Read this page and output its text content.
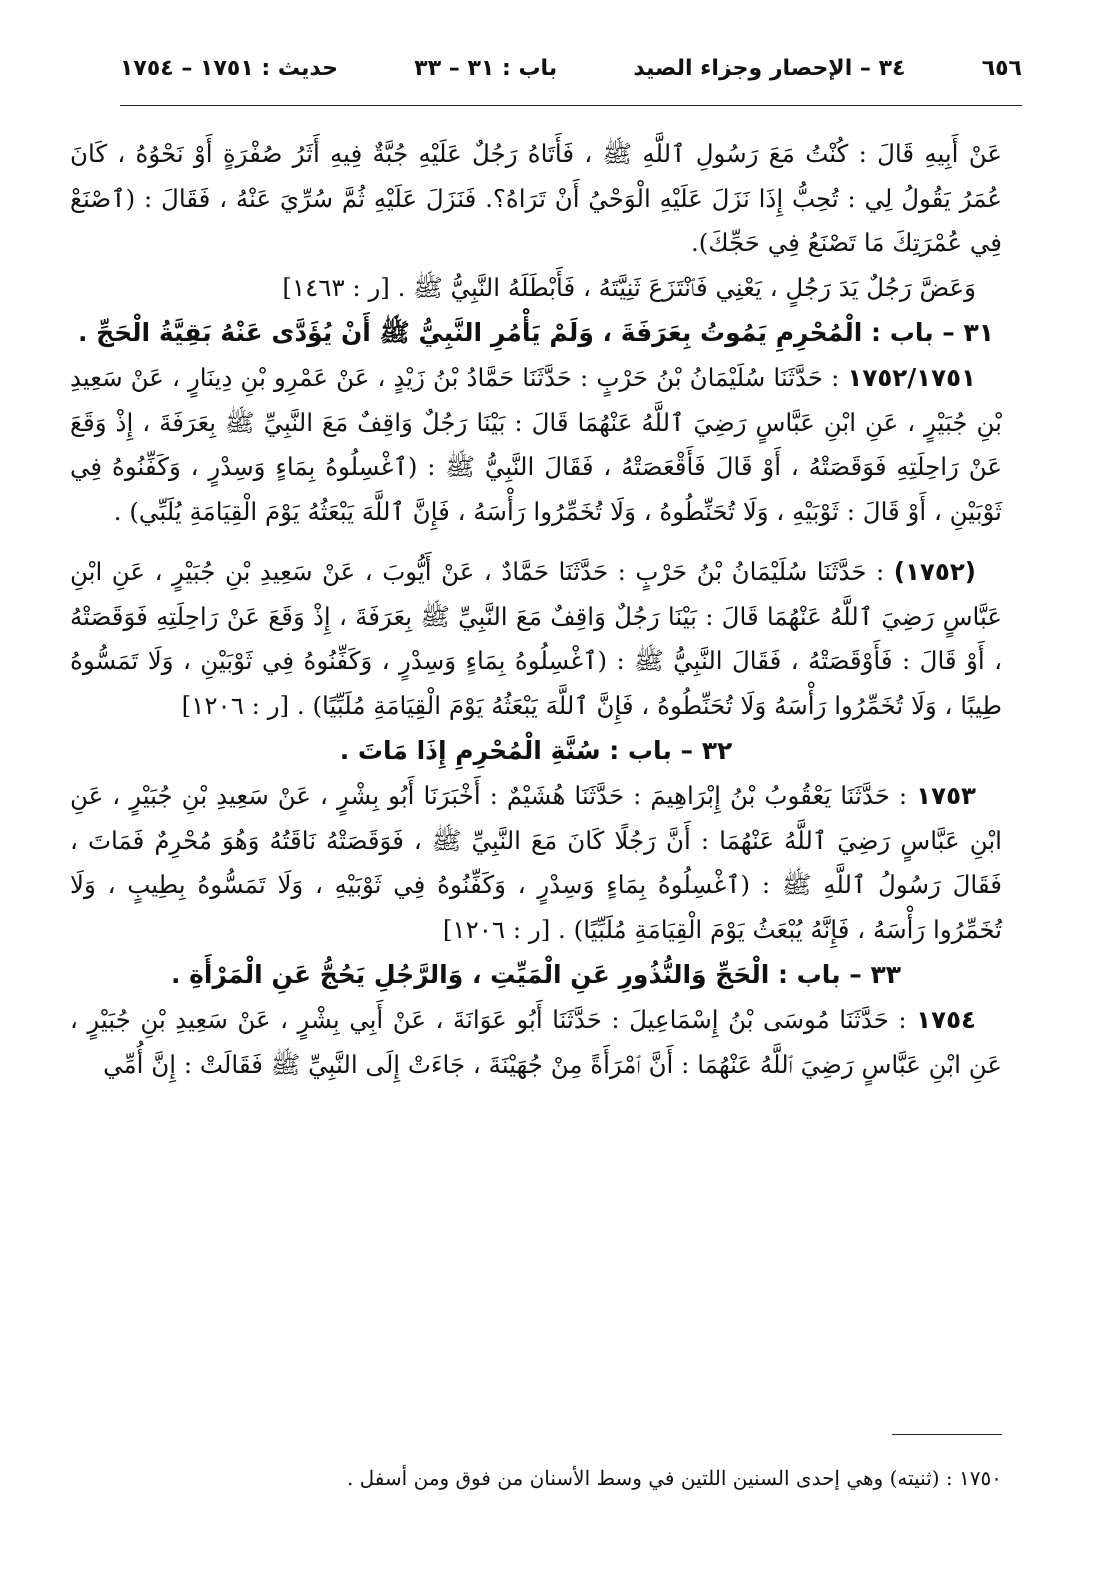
٦٥٦
٣٤ – الإحصار وجزاء الصيد
باب : ٣١ – ٣٣
حديث : ١٧٥١ – ١٧٥٤

عَنْ أَبِيهِ قَالَ : كُنْتُ مَعَ رَسُولِ ٱللَّهِ ﷺ ، فَأَتَاهُ رَجُلٌ عَلَيْهِ جُبَّةٌ فِيهِ أَثَرُ صُفْرَةٍ أَوْ نَحْوُهُ ، كَانَ عُمَرُ يَقُولُ لِي : تُحِبُّ إِذَا نَزَلَ عَلَيْهِ الْوَحْيُ أَنْ تَرَاهُ؟. فَنَزَلَ عَلَيْهِ ثُمَّ سُرِّيَ عَنْهُ ، فَقَالَ : (ٱصْنَعْ فِي عُمْرَتِكَ مَا تَصْنَعُ فِي حَجِّكَ).

وَعَضَّ رَجُلٌ يَدَ رَجُلٍ ، يَعْنِي فَٱنْتَزَعَ ثَنِيَّتَهُ ، فَأَبْطَلَهُ النَّبِيُّ ﷺ . [ر : ١٤٦٣]

٣١ – باب : الْمُحْرِمِ يَمُوتُ بِعَرَفَةَ ، وَلَمْ يَأْمُرِ النَّبِيُّ ﷺ أَنْ يُؤَدَّى عَنْهُ بَقِيَّةُ الْحَجِّ .

١٧٥٢/١٧٥١ : حَدَّثَنَا سُلَيْمَانُ بْنُ حَرْبٍ : حَدَّثَنَا حَمَّادُ بْنُ زَيْدٍ ، عَنْ عَمْرِو بْنِ دِينَارٍ ، عَنْ سَعِيدِ بْنِ جُبَيْرٍ ، عَنِ ابْنِ عَبَّاسٍ رَضِيَ ٱللَّهُ عَنْهُمَا قَالَ : بَيْنَا رَجُلٌ وَاقِفٌ مَعَ النَّبِيِّ ﷺ بِعَرَفَةَ ، إِذْ وَقَعَ عَنْ رَاحِلَتِهِ فَوَقَصَتْهُ ، أَوْ قَالَ فَأَقْعَصَتْهُ ، فَقَالَ النَّبِيُّ ﷺ : (ٱغْسِلُوهُ بِمَاءٍ وَسِدْرٍ ، وَكَفِّنُوهُ فِي ثَوْبَيْنِ ، أَوْ قَالَ : ثَوْبَيْهِ ، وَلَا تُحَنِّطُوهُ ، وَلَا تُخَمِّرُوا رَأْسَهُ ، فَإِنَّ ٱللَّهَ يَبْعَثُهُ يَوْمَ الْقِيَامَةِ يُلَبِّي) .

(١٧٥٢) : حَدَّثَنَا سُلَيْمَانُ بْنُ حَرْبٍ : حَدَّثَنَا حَمَّادٌ ، عَنْ أَيُّوبَ ، عَنْ سَعِيدِ بْنِ جُبَيْرٍ ، عَنِ ابْنِ عَبَّاسٍ رَضِيَ ٱللَّهُ عَنْهُمَا قَالَ : بَيْنَا رَجُلٌ وَاقِفٌ مَعَ النَّبِيِّ ﷺ بِعَرَفَةَ ، إِذْ وَقَعَ عَنْ رَاحِلَتِهِ فَوَقَصَتْهُ ، أَوْ قَالَ : فَأَوْقَصَتْهُ ، فَقَالَ النَّبِيُّ ﷺ : (ٱغْسِلُوهُ بِمَاءٍ وَسِدْرٍ ، وَكَفِّنُوهُ فِي ثَوْبَيْنِ ، وَلَا تَمَسُّوهُ طِيبًا ، وَلَا تُخَمِّرُوا رَأْسَهُ وَلَا تُحَنِّطُوهُ ، فَإِنَّ ٱللَّهَ يَبْعَثُهُ يَوْمَ الْقِيَامَةِ مُلَبِّيًا) . [ر : ١٢٠٦]

٣٢ – باب : سُنَّةِ الْمُحْرِمِ إِذَا مَاتَ .

١٧٥٣ : حَدَّثَنَا يَعْقُوبُ بْنُ إِبْرَاهِيمَ : حَدَّثَنَا هُشَيْمٌ : أَخْبَرَنَا أَبُو بِشْرٍ ، عَنْ سَعِيدِ بْنِ جُبَيْرٍ ، عَنِ ابْنِ عَبَّاسٍ رَضِيَ ٱللَّهُ عَنْهُمَا : أَنَّ رَجُلًا كَانَ مَعَ النَّبِيِّ ﷺ ، فَوَقَصَتْهُ نَاقَتُهُ وَهُوَ مُحْرِمٌ فَمَاتَ ، فَقَالَ رَسُولُ ٱللَّهِ ﷺ : (ٱغْسِلُوهُ بِمَاءٍ وَسِدْرٍ ، وَكَفِّنُوهُ فِي ثَوْبَيْهِ ، وَلَا تَمَسُّوهُ بِطِيبٍ ، وَلَا تُخَمِّرُوا رَأْسَهُ ، فَإِنَّهُ يُبْعَثُ يَوْمَ الْقِيَامَةِ مُلَبِّيًا) . [ر : ١٢٠٦]

٣٣ – باب : الْحَجِّ وَالنُّذُورِ عَنِ الْمَيِّتِ ، وَالرَّجُلِ يَحُجُّ عَنِ الْمَرْأَةِ .

١٧٥٤ : حَدَّثَنَا مُوسَى بْنُ إِسْمَاعِيلَ : حَدَّثَنَا أَبُو عَوَانَةَ ، عَنْ أَبِي بِشْرٍ ، عَنْ سَعِيدِ بْنِ جُبَيْرٍ ، عَنِ ابْنِ عَبَّاسٍ رَضِيَ ٱللَّهُ عَنْهُمَا : أَنَّ ٱمْرَأَةً مِنْ جُهَيْنَةَ ، جَاءَتْ إِلَى النَّبِيِّ ﷺ فَقَالَتْ : إِنَّ أُمِّي

١٧٥٠ : (ثنيته) وهي إحدى السنين اللتين في وسط الأسنان من فوق ومن أسفل .
